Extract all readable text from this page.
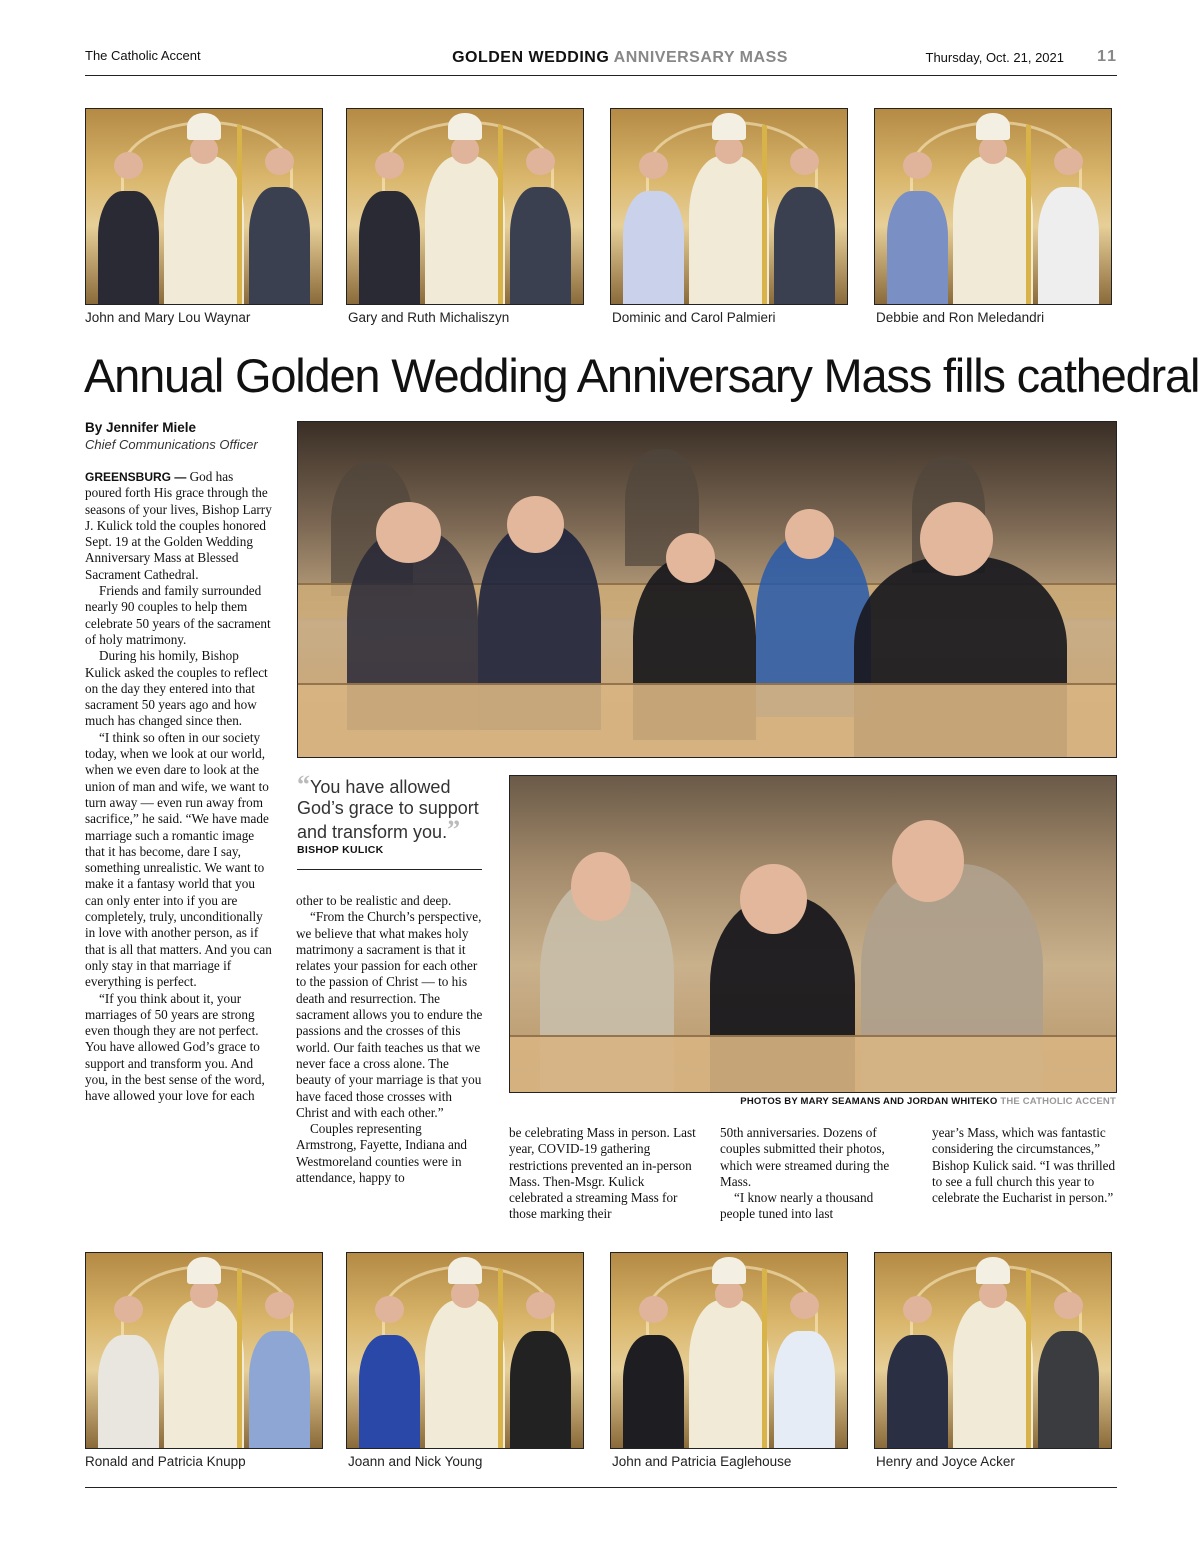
The Catholic Accent	GOLDEN WEDDING ANNIVERSARY MASS	Thursday, Oct. 21, 2021	11
John and Mary Lou Waynar	Gary and Ruth Michaliszyn	Dominic and Carol Palmieri	Debbie and Ron Meledandri
Annual Golden Wedding Anniversary Mass fills cathedral
By Jennifer Miele
Chief Communications Officer

GREENSBURG — God has poured forth His grace through the seasons of your lives, Bishop Larry J. Kulick told the couples honored Sept. 19 at the Golden Wedding Anniversary Mass at Blessed Sacrament Cathedral.

Friends and family surrounded nearly 90 couples to help them celebrate 50 years of the sacrament of holy matrimony.

During his homily, Bishop Kulick asked the couples to reflect on the day they entered into that sacrament 50 years ago and how much has changed since then.

“I think so often in our society today, when we look at our world, when we even dare to look at the union of man and wife, we want to turn away — even run away from sacrifice,” he said. “We have made marriage such a romantic image that it has become, dare I say, something unrealistic. We want to make it a fantasy world that you can only enter into if you are completely, truly, unconditionally in love with another person, as if that is all that matters. And you can only stay in that marriage if everything is perfect.

“If you think about it, your marriages of 50 years are strong even though they are not perfect. You have allowed God’s grace to support and transform you. And you, in the best sense of the word, have allowed your love for each

“You have allowed God’s grace to support and transform you.”
BISHOP KULICK

other to be realistic and deep.

“From the Church’s perspective, we believe that what makes holy matrimony a sacrament is that it relates your passion for each other to the passion of Christ — to his death and resurrection. The sacrament allows you to endure the passions and the crosses of this world. Our faith teaches us that we never face a cross alone. The beauty of your marriage is that you have faced those crosses with Christ and with each other.”

Couples representing Armstrong, Fayette, Indiana and Westmoreland counties were in attendance, happy to

PHOTOS BY MARY SEAMANS AND JORDAN WHITEKO THE CATHOLIC ACCENT

be celebrating Mass in person. Last year, COVID-19 gathering restrictions prevented an in-person Mass. Then-Msgr. Kulick celebrated a streaming Mass for those marking their

50th anniversaries. Dozens of couples submitted their photos, which were streamed during the Mass.

“I know nearly a thousand people tuned into last

year’s Mass, which was fantastic considering the circumstances,” Bishop Kulick said. “I was thrilled to see a full church this year to celebrate the Eucharist in person.”

Ronald and Patricia Knupp	Joann and Nick Young	John and Patricia Eaglehouse	Henry and Joyce Acker
